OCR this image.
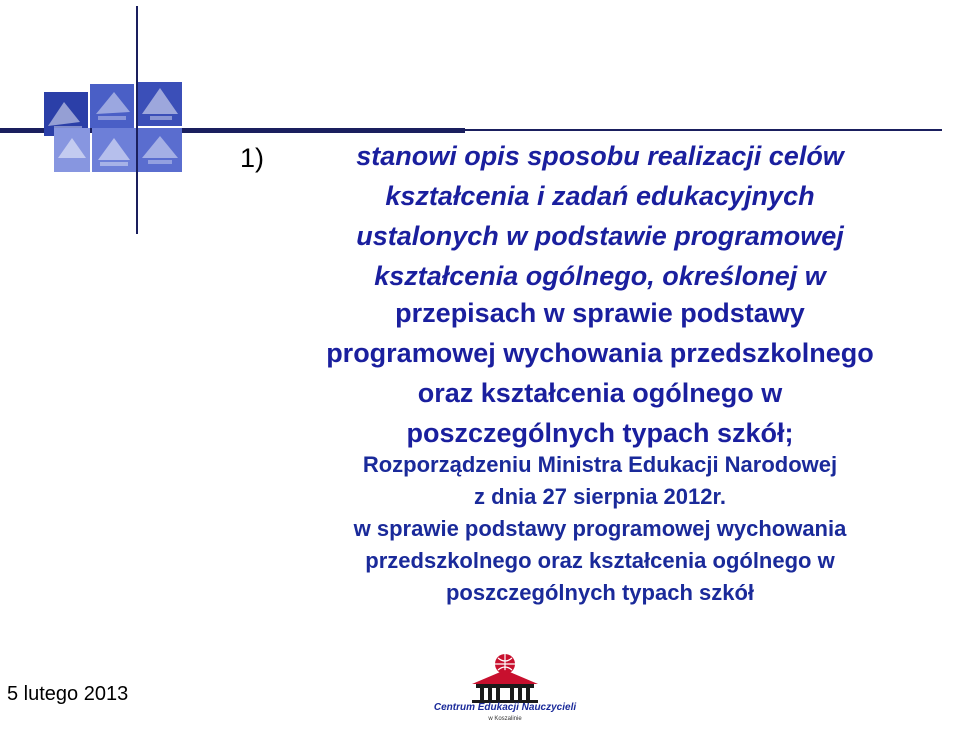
1)	stanowi opis sposobu realizacji celów
kształcenia i zadań edukacyjnych
ustalonych w podstawie programowej
kształcenia ogólnego, określonej w
przepisach w sprawie podstawy
programowej wychowania przedszkolnego
oraz kształcenia ogólnego w
poszczególnych typach szkół;
Rozporządzeniu Ministra Edukacji Narodowej
z dnia 27 sierpnia 2012r.
w sprawie podstawy programowej wychowania
przedszkolnego oraz kształcenia ogólnego w
poszczególnych typach szkół
5 lutego 2013
Centrum Edukacji Nauczycieli
w Koszalinie
